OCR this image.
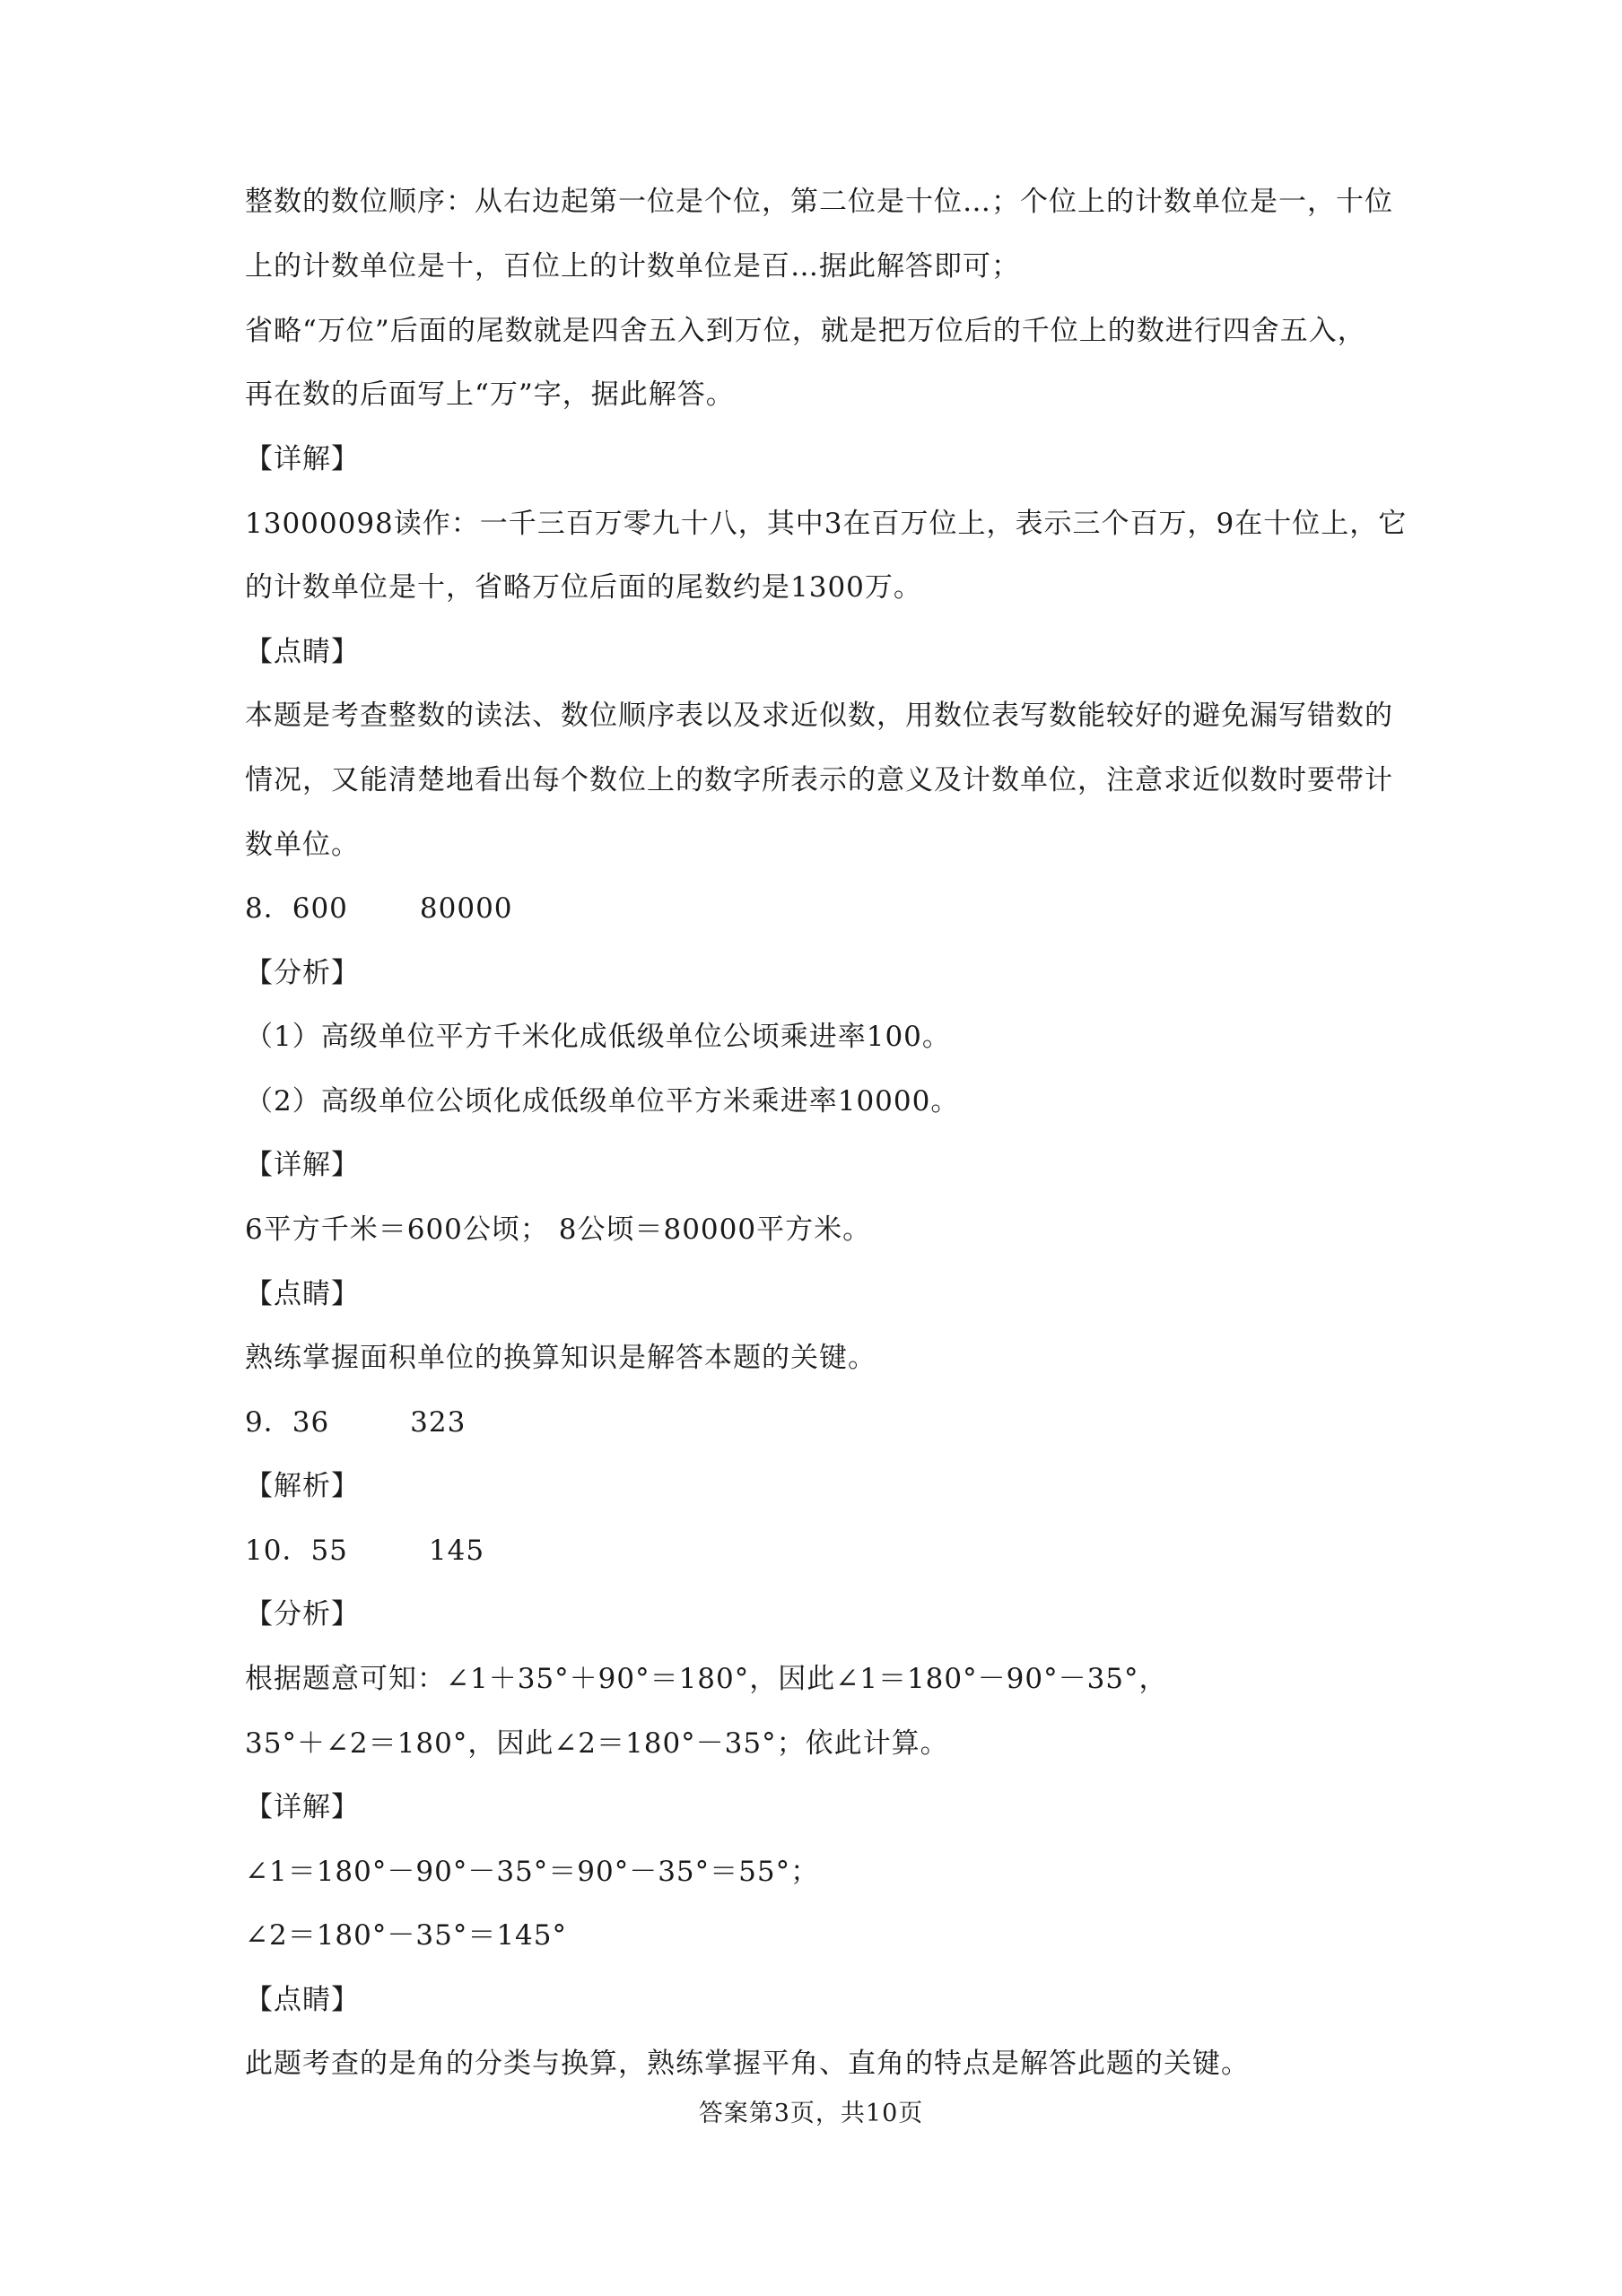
整数的数位顺序：从右边起第一位是个位，第二位是十位…；个位上的计数单位是一，十位
上的计数单位是十，百位上的计数单位是百…据此解答即可；
省略“万位”后面的尾数就是四舍五入到万位，就是把万位后的千位上的数进行四舍五入，
再在数的后面写上“万”字，据此解答。
【详解】
13000098读作：一千三百万零九十八，其中3在百万位上，表示三个百万，9在十位上，它
的计数单位是十，省略万位后面的尾数约是1300万。
【点睛】
本题是考查整数的读法、数位顺序表以及求近似数，用数位表写数能较好的避免漏写错数的
情况，又能清楚地看出每个数位上的数字所表示的意义及计数单位，注意求近似数时要带计
数单位。
8．600	80000
【分析】
（1）高级单位平方千米化成低级单位公顷乘进率100。
（2）高级单位公顷化成低级单位平方米乘进率10000。
【详解】
6平方千米＝600公顷； 8公顷＝80000平方米。
【点睛】
熟练掌握面积单位的换算知识是解答本题的关键。
9．36	323
【解析】
10．55	145
【分析】
根据题意可知：∠1＋35°＋90°＝180°，因此∠1＝180°－90°－35°，
35°＋∠2＝180°，因此∠2＝180°－35°；依此计算。
【详解】
∠1＝180°－90°－35°＝90°－35°＝55°；
∠2＝180°－35°＝145°
【点睛】
此题考查的是角的分类与换算，熟练掌握平角、直角的特点是解答此题的关键。
答案第3页，共10页
